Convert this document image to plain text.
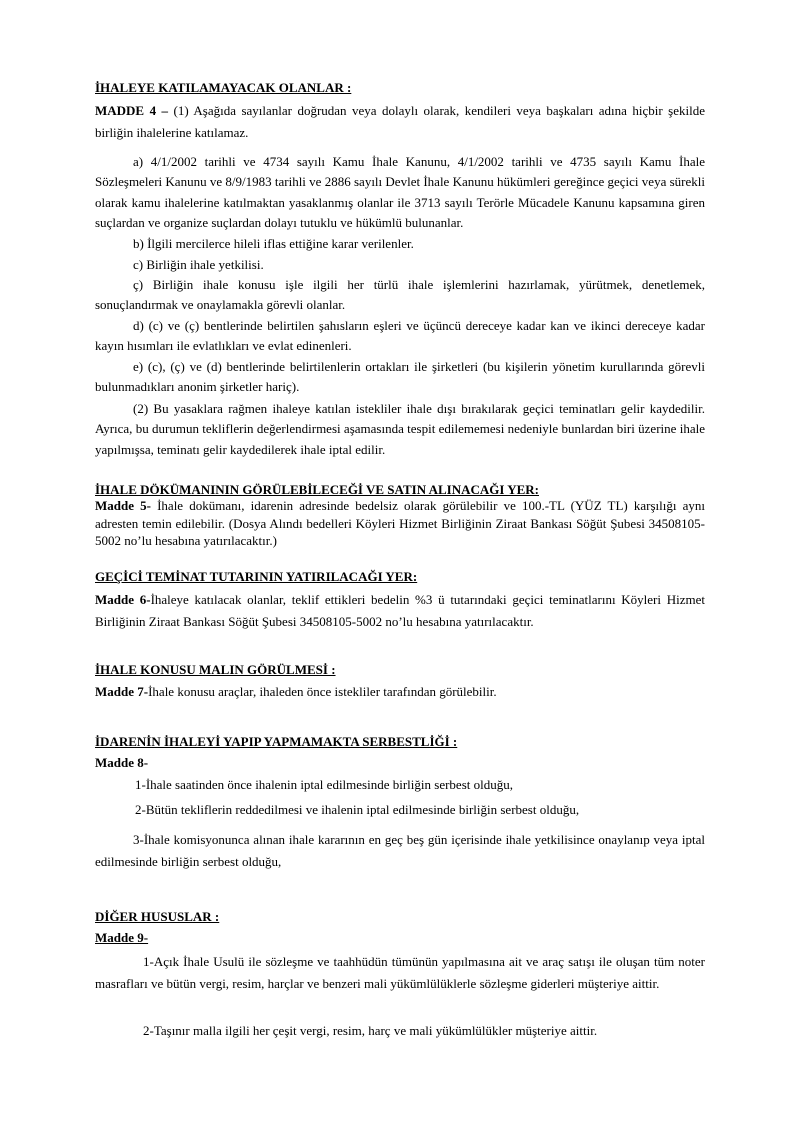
İHALEYE KATILAMAYACAK OLANLAR :

MADDE 4 – (1) Aşağıda sayılanlar doğrudan veya dolaylı olarak, kendileri veya başkaları adına hiçbir şekilde birliğin ihalelerine katılamaz.

a) 4/1/2002 tarihli ve 4734 sayılı Kamu İhale Kanunu, 4/1/2002 tarihli ve 4735 sayılı Kamu İhale Sözleşmeleri Kanunu ve 8/9/1983 tarihli ve 2886 sayılı Devlet İhale Kanunu hükümleri gereğince geçici veya sürekli olarak kamu ihalelerine katılmaktan yasaklanmış olanlar ile 3713 sayılı Terörle Mücadele Kanunu kapsamına giren suçlardan ve organize suçlardan dolayı tutuklu ve hükümlü bulunanlar.

b) İlgili mercilerce hileli iflas ettiğine karar verilenler.

c) Birliğin ihale yetkilisi.

ç) Birliğin ihale konusu işle ilgili her türlü ihale işlemlerini hazırlamak, yürütmek, denetlemek, sonuçlandırmak ve onaylamakla görevli olanlar.

d) (c) ve (ç) bentlerinde belirtilen şahısların eşleri ve üçüncü dereceye kadar kan ve ikinci dereceye kadar kayın hısımları ile evlatlıkları ve evlat edinenleri.

e) (c), (ç) ve (d) bentlerinde belirtilenlerin ortakları ile şirketleri (bu kişilerin yönetim kurullarında görevli bulunmadıkları anonim şirketler hariç).

(2) Bu yasaklara rağmen ihaleye katılan istekliler ihale dışı bırakılarak geçici teminatları gelir kaydedilir. Ayrıca, bu durumun tekliflerin değerlendirmesi aşamasında tespit edilememesi nedeniyle bunlardan biri üzerine ihale yapılmışsa, teminatı gelir kaydedilerek ihale iptal edilir.

İHALE DÖKÜMANININ GÖRÜLEBİLECEĞİ VE SATIN ALINACAĞI YER:

Madde 5- İhale dokümanı, idarenin adresinde bedelsiz olarak görülebilir ve 100.-TL (YÜZ TL) karşılığı aynı adresten temin edilebilir. (Dosya Alındı bedelleri Köyleri Hizmet Birliğinin Ziraat Bankası Söğüt Şubesi 34508105-5002 no’lu hesabına yatırılacaktır.)

GEÇİCİ TEMİNAT TUTARININ YATIRILACAĞI YER:

Madde 6-İhaleye katılacak olanlar, teklif ettikleri bedelin %3 ü tutarındaki geçici teminatlarını Köyleri Hizmet Birliğinin Ziraat Bankası Söğüt Şubesi 34508105-5002 no’lu hesabına yatırılacaktır.

İHALE KONUSU MALIN GÖRÜLMESİ :

Madde 7-İhale konusu araçlar, ihaleden önce istekliler tarafından görülebilir.

İDARENİN İHALEYİ YAPIP YAPMAMAKTA SERBESTLİĞİ :

Madde 8-

1-İhale saatinden önce ihalenin iptal edilmesinde birliğin serbest olduğu,

2-Bütün tekliflerin reddedilmesi ve ihalenin iptal edilmesinde birliğin serbest olduğu,

3-İhale komisyonunca alınan ihale kararının en geç beş gün içerisinde ihale yetkilisince onaylanıp veya iptal edilmesinde birliğin serbest olduğu,

DİĞER HUSUSLAR :

Madde 9-

1-Açık İhale Usulü ile sözleşme ve taahhüdün tümünün yapılmasına ait ve araç satışı ile oluşan tüm noter masrafları ve bütün vergi, resim, harçlar ve benzeri mali yükümlülüklerle sözleşme giderleri müşteriye aittir.

2-Taşınır malla ilgili her çeşit vergi, resim, harç ve mali yükümlülükler müşteriye aittir.
